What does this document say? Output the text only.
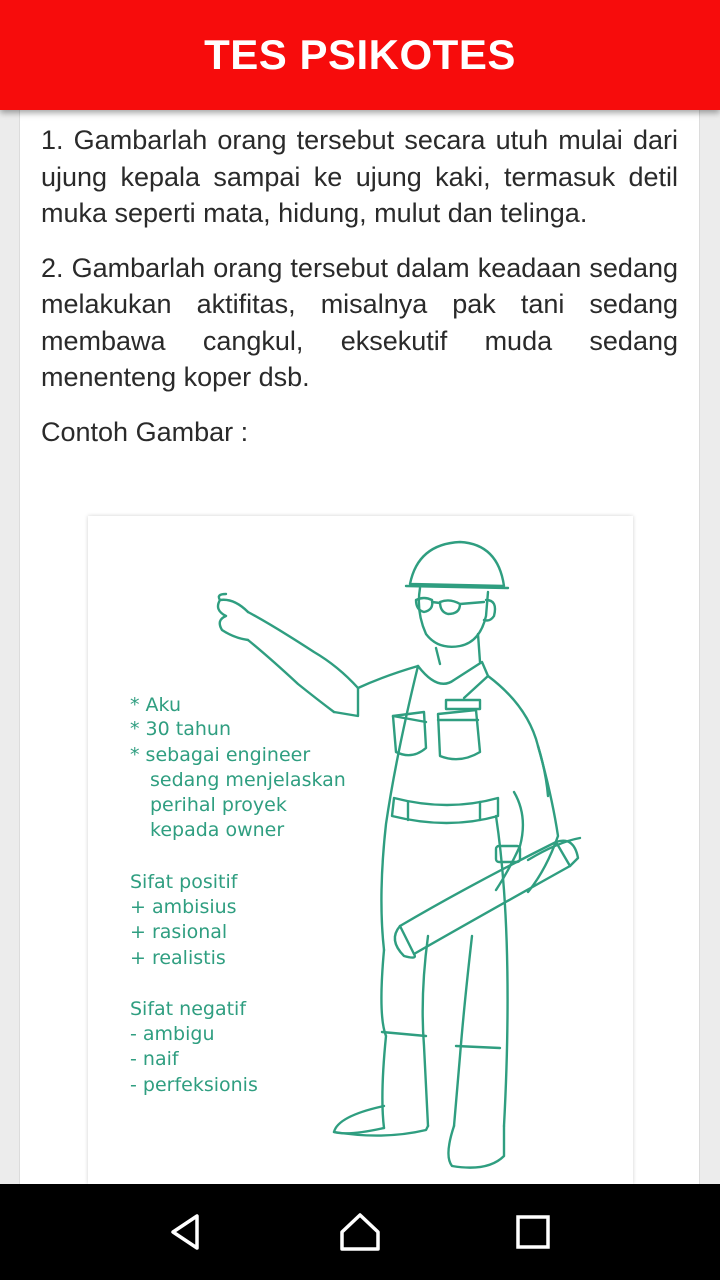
TES PSIKOTES

1. Gambarlah orang tersebut secara utuh mulai dari ujung kepala sampai ke ujung kaki, termasuk detil muka seperti mata, hidung, mulut dan telinga.

2. Gambarlah orang tersebut dalam keadaan sedang melakukan aktifitas, misalnya pak tani sedang membawa cangkul, eksekutif muda sedang menenteng koper dsb.

Contoh Gambar :

* Aku
* 30 tahun
* sebagai engineer
sedang menjelaskan
perihal proyek
kepada owner
Sifat positif
+ ambisius
+ rasional
+ realistis
Sifat negatif
- ambigu
- naif
- perfeksionis
